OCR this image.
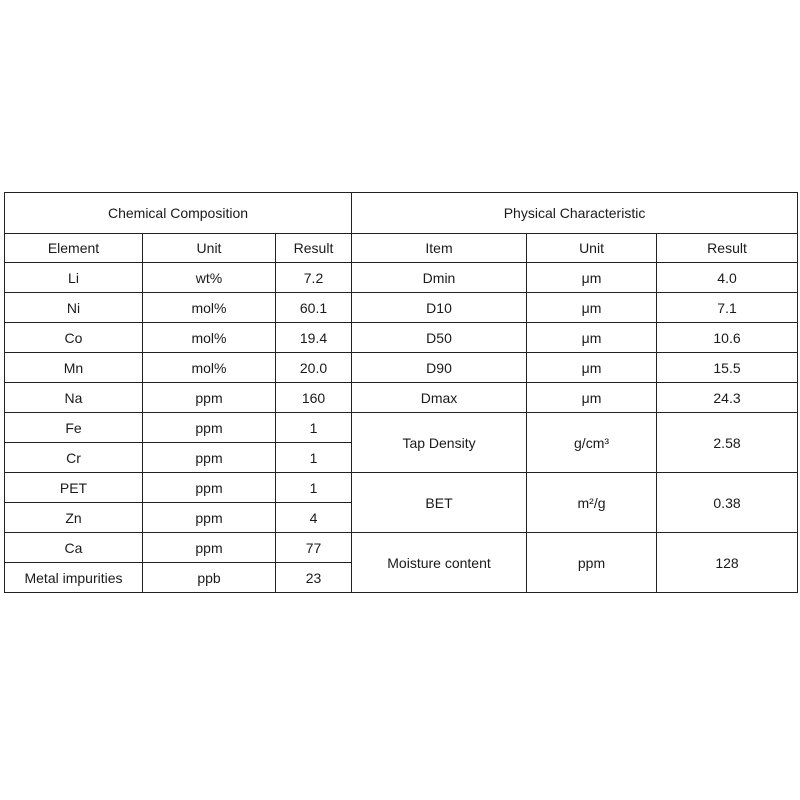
Chemical Composition			Physical Characteristic		
Element	Unit	Result	Item	Unit	Result
Li	wt%	7.2	Dmin	μm	4.0
Ni	mol%	60.1	D10	μm	7.1
Co	mol%	19.4	D50	μm	10.6
Mn	mol%	20.0	D90	μm	15.5
Na	ppm	160	Dmax	μm	24.3
Fe	ppm	1	Tap Density	g/cm³	2.58
Cr	ppm	1			
PET	ppm	1	BET	m²/g	0.38
Zn	ppm	4			
Ca	ppm	77	Moisture content	ppm	128
Metal impurities	ppb	23			
